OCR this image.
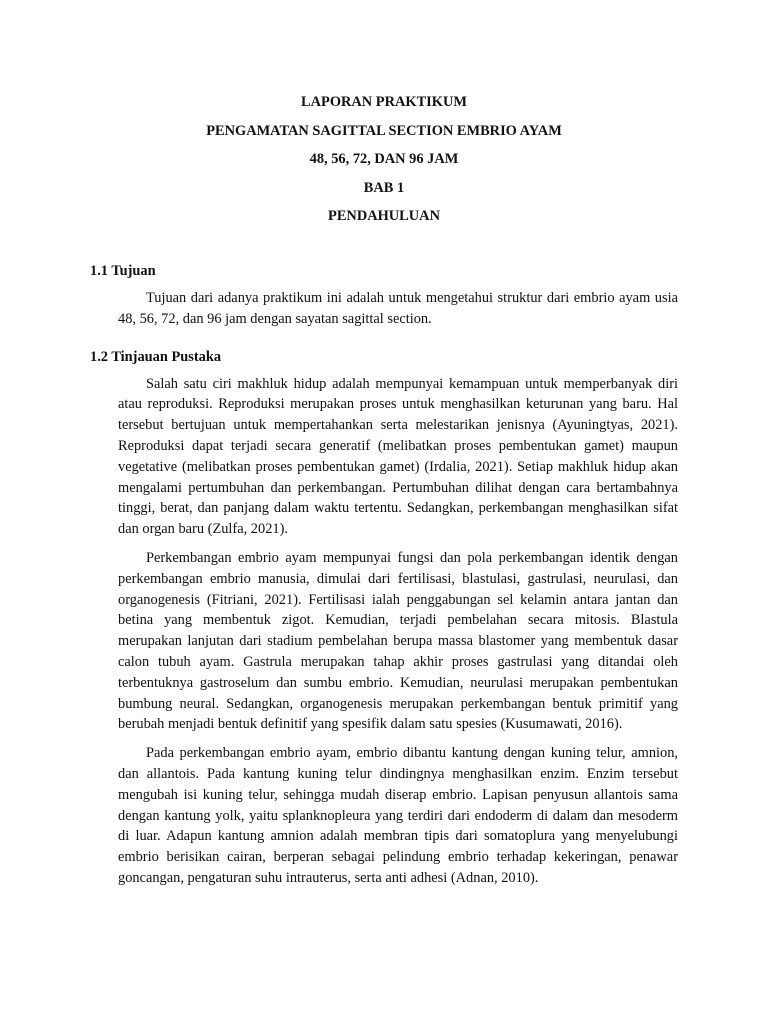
LAPORAN PRAKTIKUM
PENGAMATAN SAGITTAL SECTION EMBRIO AYAM
48, 56, 72, DAN 96 JAM
BAB 1
PENDAHULUAN
1.1 Tujuan

Tujuan dari adanya praktikum ini adalah untuk mengetahui struktur dari embrio ayam usia 48, 56, 72, dan 96 jam dengan sayatan sagittal section.

1.2 Tinjauan Pustaka

Salah satu ciri makhluk hidup adalah mempunyai kemampuan untuk memperbanyak diri atau reproduksi. Reproduksi merupakan proses untuk menghasilkan keturunan yang baru. Hal tersebut bertujuan untuk mempertahankan serta melestarikan jenisnya (Ayuningtyas, 2021). Reproduksi dapat terjadi secara generatif (melibatkan proses pembentukan gamet) maupun vegetative (melibatkan proses pembentukan gamet) (Irdalia, 2021). Setiap makhluk hidup akan mengalami pertumbuhan dan perkembangan. Pertumbuhan dilihat dengan cara bertambahnya tinggi, berat, dan panjang dalam waktu tertentu. Sedangkan, perkembangan menghasilkan sifat dan organ baru (Zulfa, 2021).

Perkembangan embrio ayam mempunyai fungsi dan pola perkembangan identik dengan perkembangan embrio manusia, dimulai dari fertilisasi, blastulasi, gastrulasi, neurulasi, dan organogenesis (Fitriani, 2021). Fertilisasi ialah penggabungan sel kelamin antara jantan dan betina yang membentuk zigot. Kemudian, terjadi pembelahan secara mitosis. Blastula merupakan lanjutan dari stadium pembelahan berupa massa blastomer yang membentuk dasar calon tubuh ayam. Gastrula merupakan tahap akhir proses gastrulasi yang ditandai oleh terbentuknya gastroselum dan sumbu embrio. Kemudian, neurulasi merupakan pembentukan bumbung neural. Sedangkan, organogenesis merupakan perkembangan bentuk primitif yang berubah menjadi bentuk definitif yang spesifik dalam satu spesies (Kusumawati, 2016).

Pada perkembangan embrio ayam, embrio dibantu kantung dengan kuning telur, amnion, dan allantois. Pada kantung kuning telur dindingnya menghasilkan enzim. Enzim tersebut mengubah isi kuning telur, sehingga mudah diserap embrio. Lapisan penyusun allantois sama dengan kantung yolk, yaitu splanknopleura yang terdiri dari endoderm di dalam dan mesoderm di luar. Adapun kantung amnion adalah membran tipis dari somatoplura yang menyelubungi embrio berisikan cairan, berperan sebagai pelindung embrio terhadap kekeringan, penawar goncangan, pengaturan suhu intrauterus, serta anti adhesi (Adnan, 2010).
